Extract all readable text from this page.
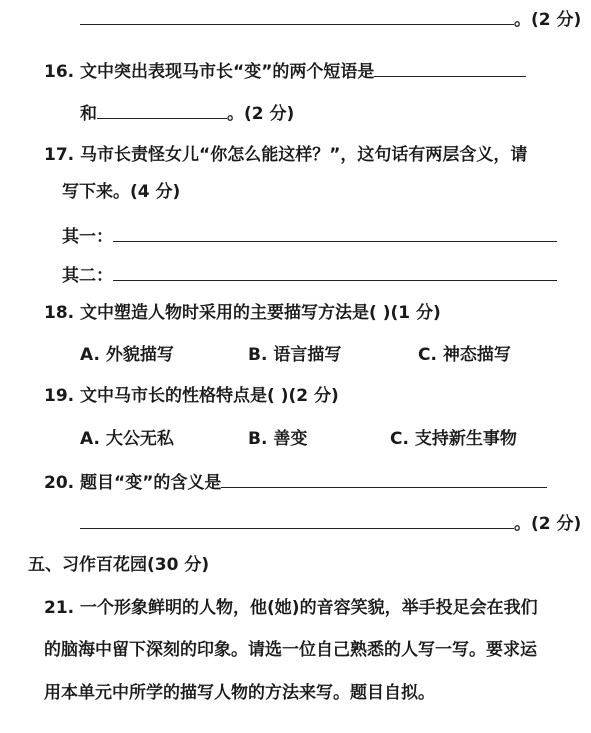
。(2 分)
16. 文中突出表现马市长“变”的两个短语是
和	。(2 分)
17. 马市长责怪女儿“你怎么能这样？”，这句话有两层含义，请
写下来。(4 分)
其一：
其二：
18. 文中塑造人物时采用的主要描写方法是( )(1 分)
A. 外貌描写	B. 语言描写	C. 神态描写
19. 文中马市长的性格特点是( )(2 分)
A. 大公无私	B. 善变	C. 支持新生事物
20. 题目“变”的含义是
。(2 分)
五、习作百花园(30 分)
21. 一个形象鲜明的人物，他(她)的音容笑貌，举手投足会在我们
的脑海中留下深刻的印象。请选一位自己熟悉的人写一写。要求运
用本单元中所学的描写人物的方法来写。题目自拟。
